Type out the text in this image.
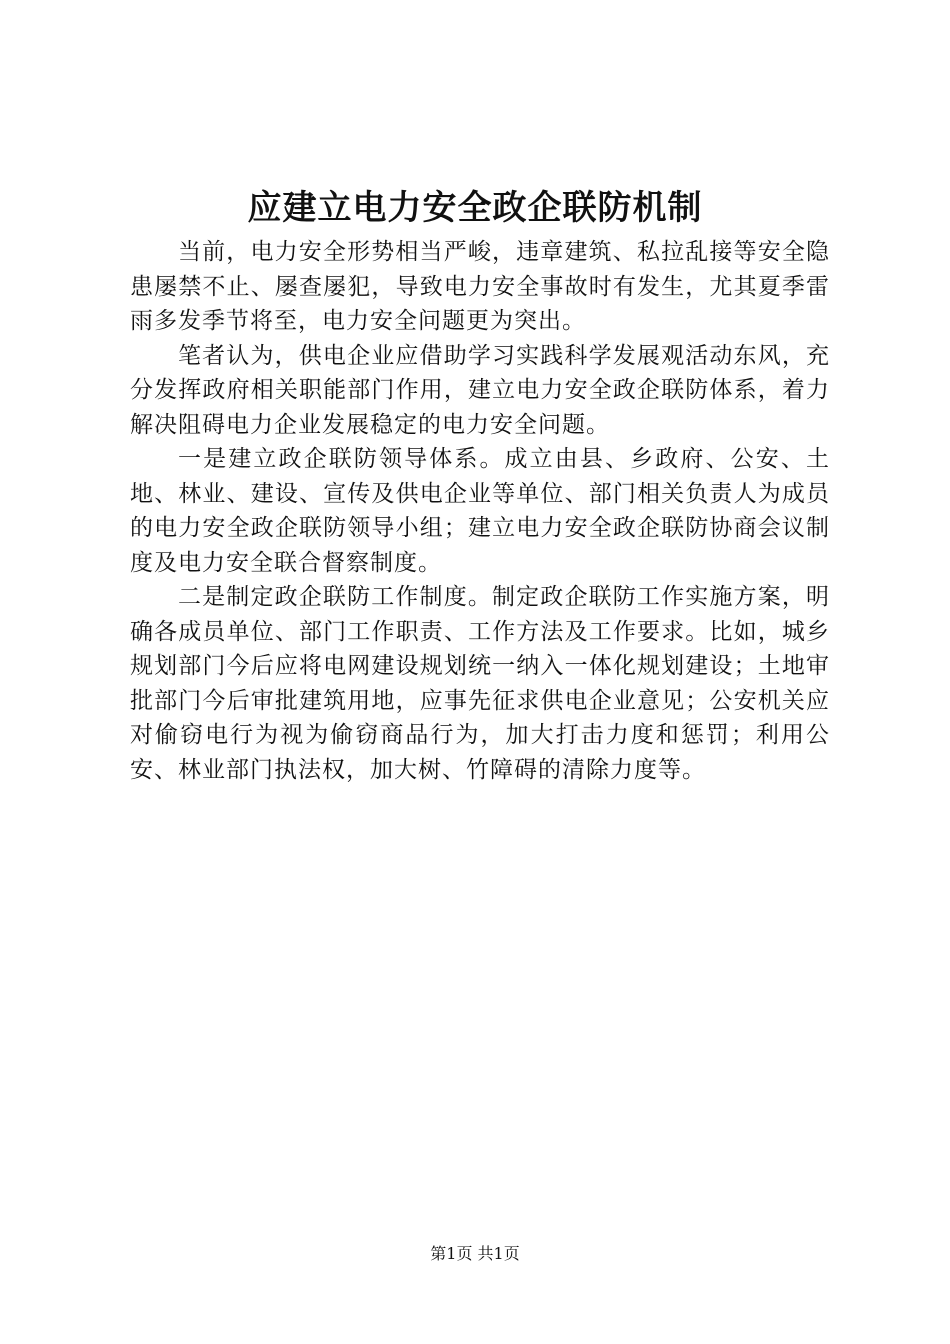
应建立电力安全政企联防机制

当前，电力安全形势相当严峻，违章建筑、私拉乱接等安全隐患屡禁不止、屡查屡犯，导致电力安全事故时有发生，尤其夏季雷雨多发季节将至，电力安全问题更为突出。

笔者认为，供电企业应借助学习实践科学发展观活动东风，充分发挥政府相关职能部门作用，建立电力安全政企联防体系，着力解决阻碍电力企业发展稳定的电力安全问题。

一是建立政企联防领导体系。成立由县、乡政府、公安、土地、林业、建设、宣传及供电企业等单位、部门相关负责人为成员的电力安全政企联防领导小组；建立电力安全政企联防协商会议制度及电力安全联合督察制度。

二是制定政企联防工作制度。制定政企联防工作实施方案，明确各成员单位、部门工作职责、工作方法及工作要求。比如，城乡规划部门今后应将电网建设规划统一纳入一体化规划建设；土地审批部门今后审批建筑用地，应事先征求供电企业意见；公安机关应对偷窃电行为视为偷窃商品行为，加大打击力度和惩罚；利用公安、林业部门执法权，加大树、竹障碍的清除力度等。

第1页 共1页
